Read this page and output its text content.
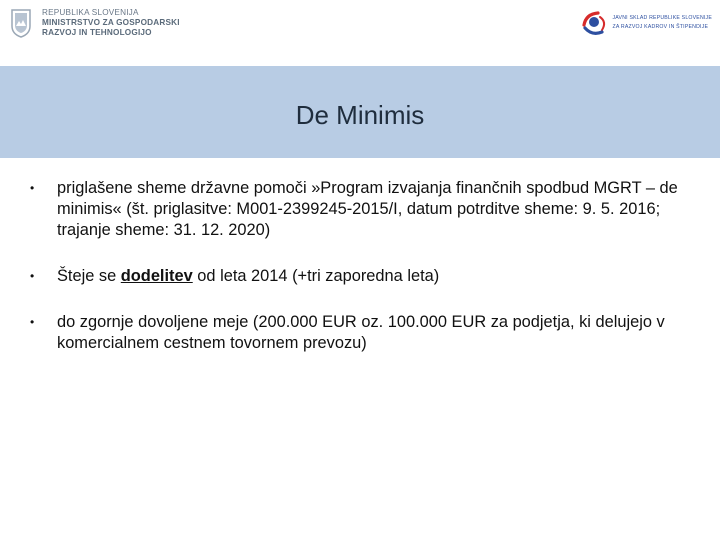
REPUBLIKA SLOVENIJA
MINISTRSTVO ZA GOSPODARSKI
RAZVOJ IN TEHNOLOGIJO
JAVNI SKLAD REPUBLIKE SLOVENIJE
ZA RAZVOJ KADROV IN ŠTIPENDIJE
De Minimis
•	priglašene sheme državne pomoči »Program izvajanja finančnih spodbud MGRT – de minimis« (št. priglasitve: M001-2399245-2015/I, datum potrditve sheme: 9. 5. 2016; trajanje sheme: 31. 12. 2020)
•	Šteje se dodelitev od leta 2014 (+tri zaporedna leta)
•	do zgornje dovoljene meje (200.000 EUR oz. 100.000 EUR za podjetja, ki delujejo v komercialnem cestnem tovornem prevozu)
